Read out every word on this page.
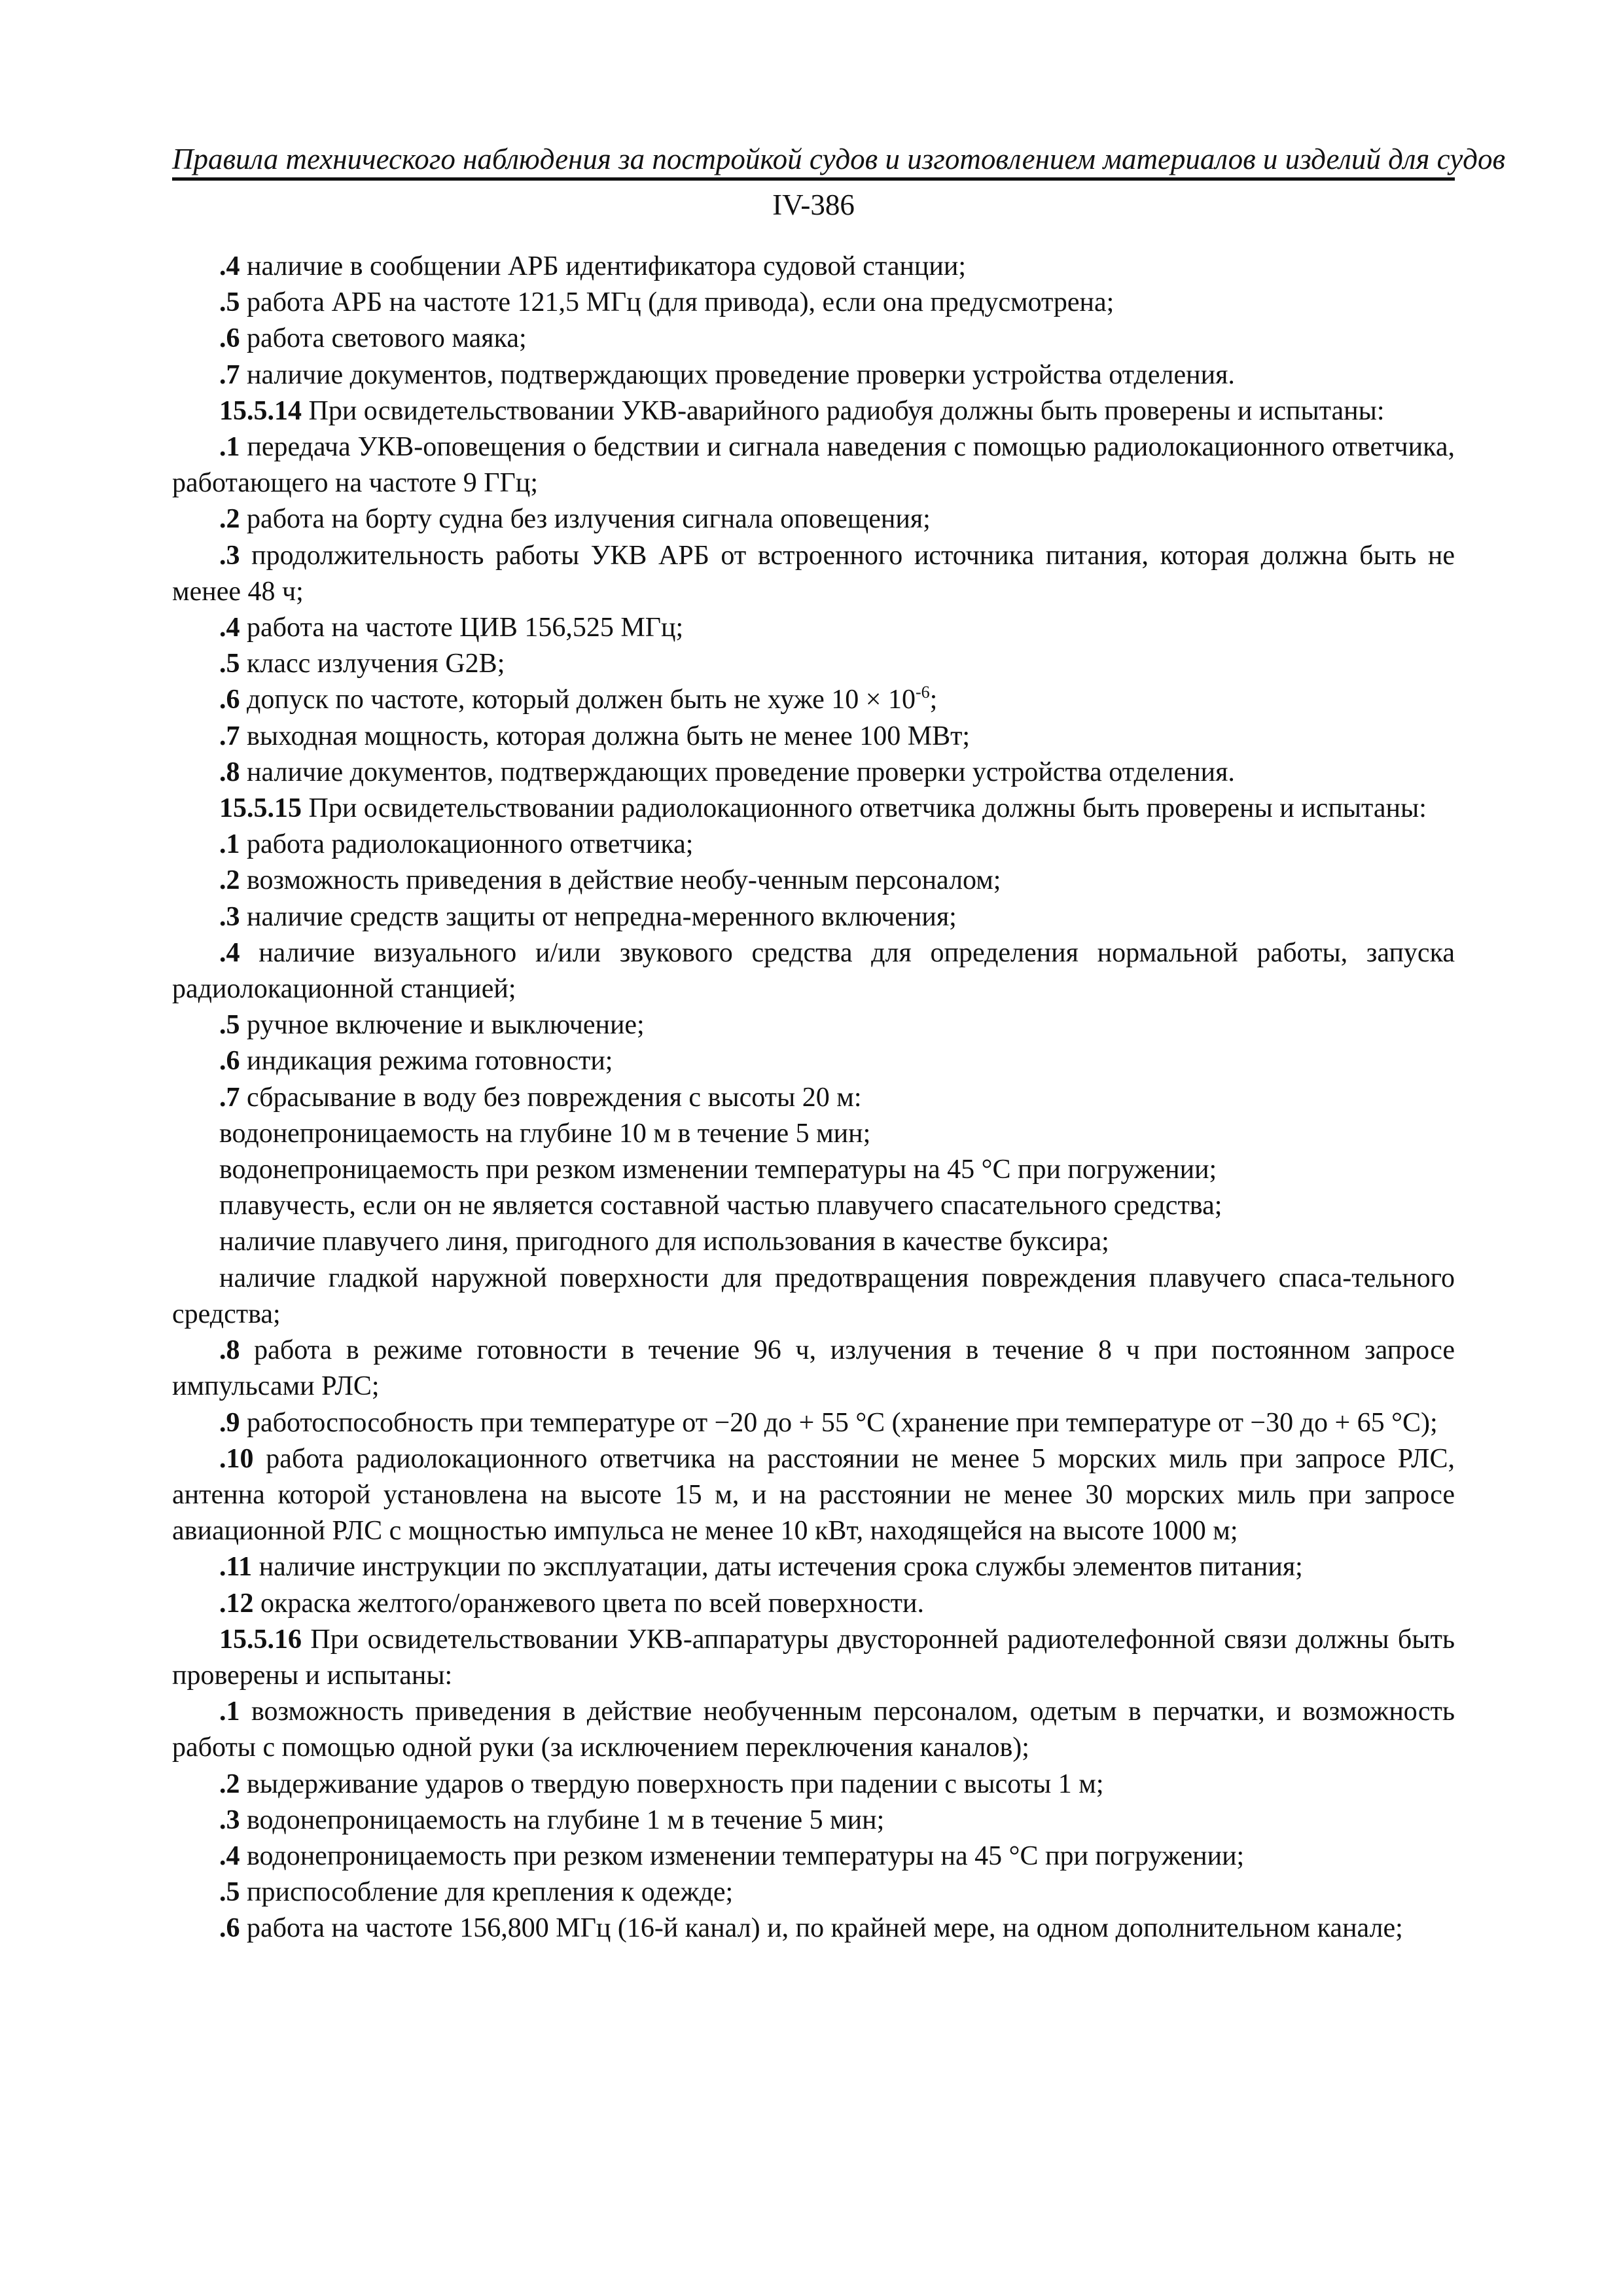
Правила технического наблюдения за постройкой судов и изготовлением материалов и изделий для судов
IV-386

.4 наличие в сообщении АРБ идентификатора судовой станции;

.5 работа АРБ на частоте 121,5 МГц (для привода), если она предусмотрена;

.6 работа светового маяка;

.7 наличие документов, подтверждающих проведение проверки устройства отделения.

15.5.14 При освидетельствовании УКВ-аварийного радиобуя должны быть проверены и испытаны:

.1 передача УКВ-оповещения о бедствии и сигнала наведения с помощью радиолокационного ответчика, работающего на частоте 9 ГГц;

.2 работа на борту судна без излучения сигнала оповещения;

.3 продолжительность работы УКВ АРБ от встроенного источника питания, которая должна быть не менее 48 ч;

.4 работа на частоте ЦИВ 156,525 МГц;

.5 класс излучения G2B;

.6 допуск по частоте, который должен быть не хуже $10 \times 10^{-6}$;

.7 выходная мощность, которая должна быть не менее 100 МВт;

.8 наличие документов, подтверждающих проведение проверки устройства отделения.

15.5.15 При освидетельствовании радиолокационного ответчика должны быть проверены и испытаны:

.1 работа радиолокационного ответчика;

.2 возможность приведения в действие необу-ченным персоналом;

.3 наличие средств защиты от непредна-меренного включения;

.4 наличие визуального и/или звукового средства для определения нормальной работы, запуска радиолокационной станцией;

.5 ручное включение и выключение;

.6 индикация режима готовности;

.7 сбрасывание в воду без повреждения с высоты 20 м:

водонепроницаемость на глубине 10 м в течение 5 мин;

водонепроницаемость при резком изменении температуры на 45 °С при погружении;

плавучесть, если он не является составной частью плавучего спасательного средства;

наличие плавучего линя, пригодного для использования в качестве буксира;

наличие гладкой наружной поверхности для предотвращения повреждения плавучего спаса-тельного средства;

.8 работа в режиме готовности в течение 96 ч, излучения в течение 8 ч при постоянном запросе импульсами РЛС;

.9 работоспособность при температуре от −20 до + 55 °С (хранение при температуре от −30 до + 65 °С);

.10 работа радиолокационного ответчика на расстоянии не менее 5 морских миль при запросе РЛС, антенна которой установлена на высоте 15 м, и на расстоянии не менее 30 морских миль при запросе авиационной РЛС с мощностью импульса не менее 10 кВт, находящейся на высоте 1000 м;

.11 наличие инструкции по эксплуатации, даты истечения срока службы элементов питания;

.12 окраска желтого/оранжевого цвета по всей поверхности.

15.5.16 При освидетельствовании УКВ-аппаратуры двусторонней радиотелефонной связи должны быть проверены и испытаны:

.1 возможность приведения в действие необученным персоналом, одетым в перчатки, и возможность работы с помощью одной руки (за исключением переключения каналов);

.2 выдерживание ударов о твердую поверхность при падении с высоты 1 м;

.3 водонепроницаемость на глубине 1 м в течение 5 мин;

.4 водонепроницаемость при резком изменении температуры на 45 °С при погружении;

.5 приспособление для крепления к одежде;

.6 работа на частоте 156,800 МГц (16-й канал) и, по крайней мере, на одном дополнительном канале;
